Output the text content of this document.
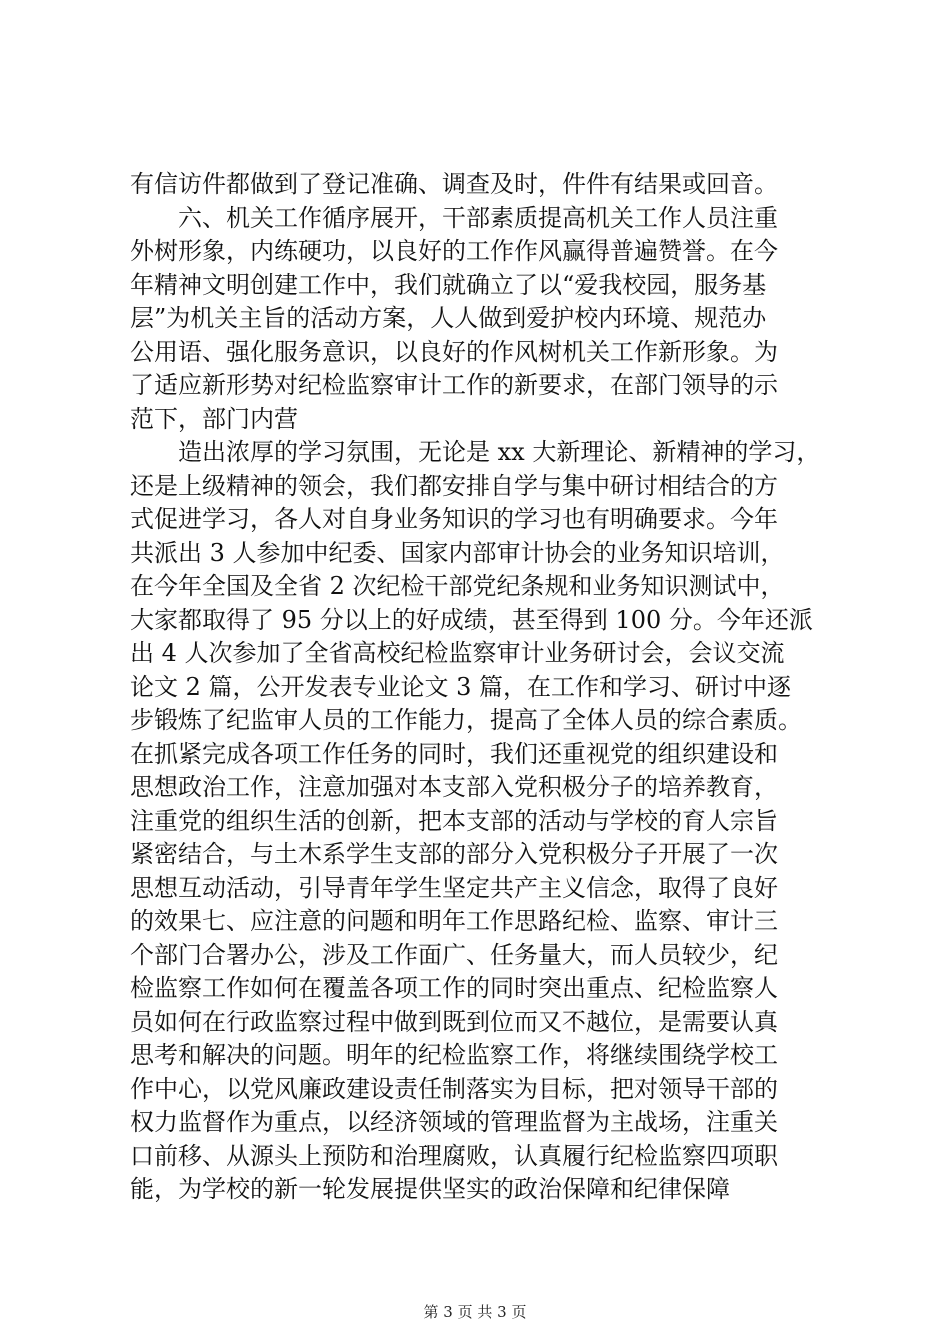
有信访件都做到了登记准确、调查及时，件件有结果或回音。
　　六、机关工作循序展开，干部素质提高机关工作人员注重
外树形象，内练硬功，以良好的工作作风赢得普遍赞誉。在今
年精神文明创建工作中，我们就确立了以“爱我校园，服务基
层”为机关主旨的活动方案，人人做到爱护校内环境、规范办
公用语、强化服务意识，以良好的作风树机关工作新形象。为
了适应新形势对纪检监察审计工作的新要求，在部门领导的示
范下，部门内营
　　造出浓厚的学习氛围，无论是 xx 大新理论、新精神的学习，
还是上级精神的领会，我们都安排自学与集中研讨相结合的方
式促进学习，各人对自身业务知识的学习也有明确要求。今年
共派出 3 人参加中纪委、国家内部审计协会的业务知识培训，
在今年全国及全省 2 次纪检干部党纪条规和业务知识测试中，
大家都取得了 95 分以上的好成绩，甚至得到 100 分。今年还派
出 4 人次参加了全省高校纪检监察审计业务研讨会，会议交流
论文 2 篇，公开发表专业论文 3 篇，在工作和学习、研讨中逐
步锻炼了纪监审人员的工作能力，提高了全体人员的综合素质。
在抓紧完成各项工作任务的同时，我们还重视党的组织建设和
思想政治工作，注意加强对本支部入党积极分子的培养教育，
注重党的组织生活的创新，把本支部的活动与学校的育人宗旨
紧密结合，与土木系学生支部的部分入党积极分子开展了一次
思想互动活动，引导青年学生坚定共产主义信念，取得了良好
的效果七、应注意的问题和明年工作思路纪检、监察、审计三
个部门合署办公，涉及工作面广、任务量大，而人员较少，纪
检监察工作如何在覆盖各项工作的同时突出重点、纪检监察人
员如何在行政监察过程中做到既到位而又不越位，是需要认真
思考和解决的问题。明年的纪检监察工作，将继续围绕学校工
作中心，以党风廉政建设责任制落实为目标，把对领导干部的
权力监督作为重点，以经济领域的管理监督为主战场，注重关
口前移、从源头上预防和治理腐败，认真履行纪检监察四项职
能，为学校的新一轮发展提供坚实的政治保障和纪律保障
第 3 页 共 3 页
